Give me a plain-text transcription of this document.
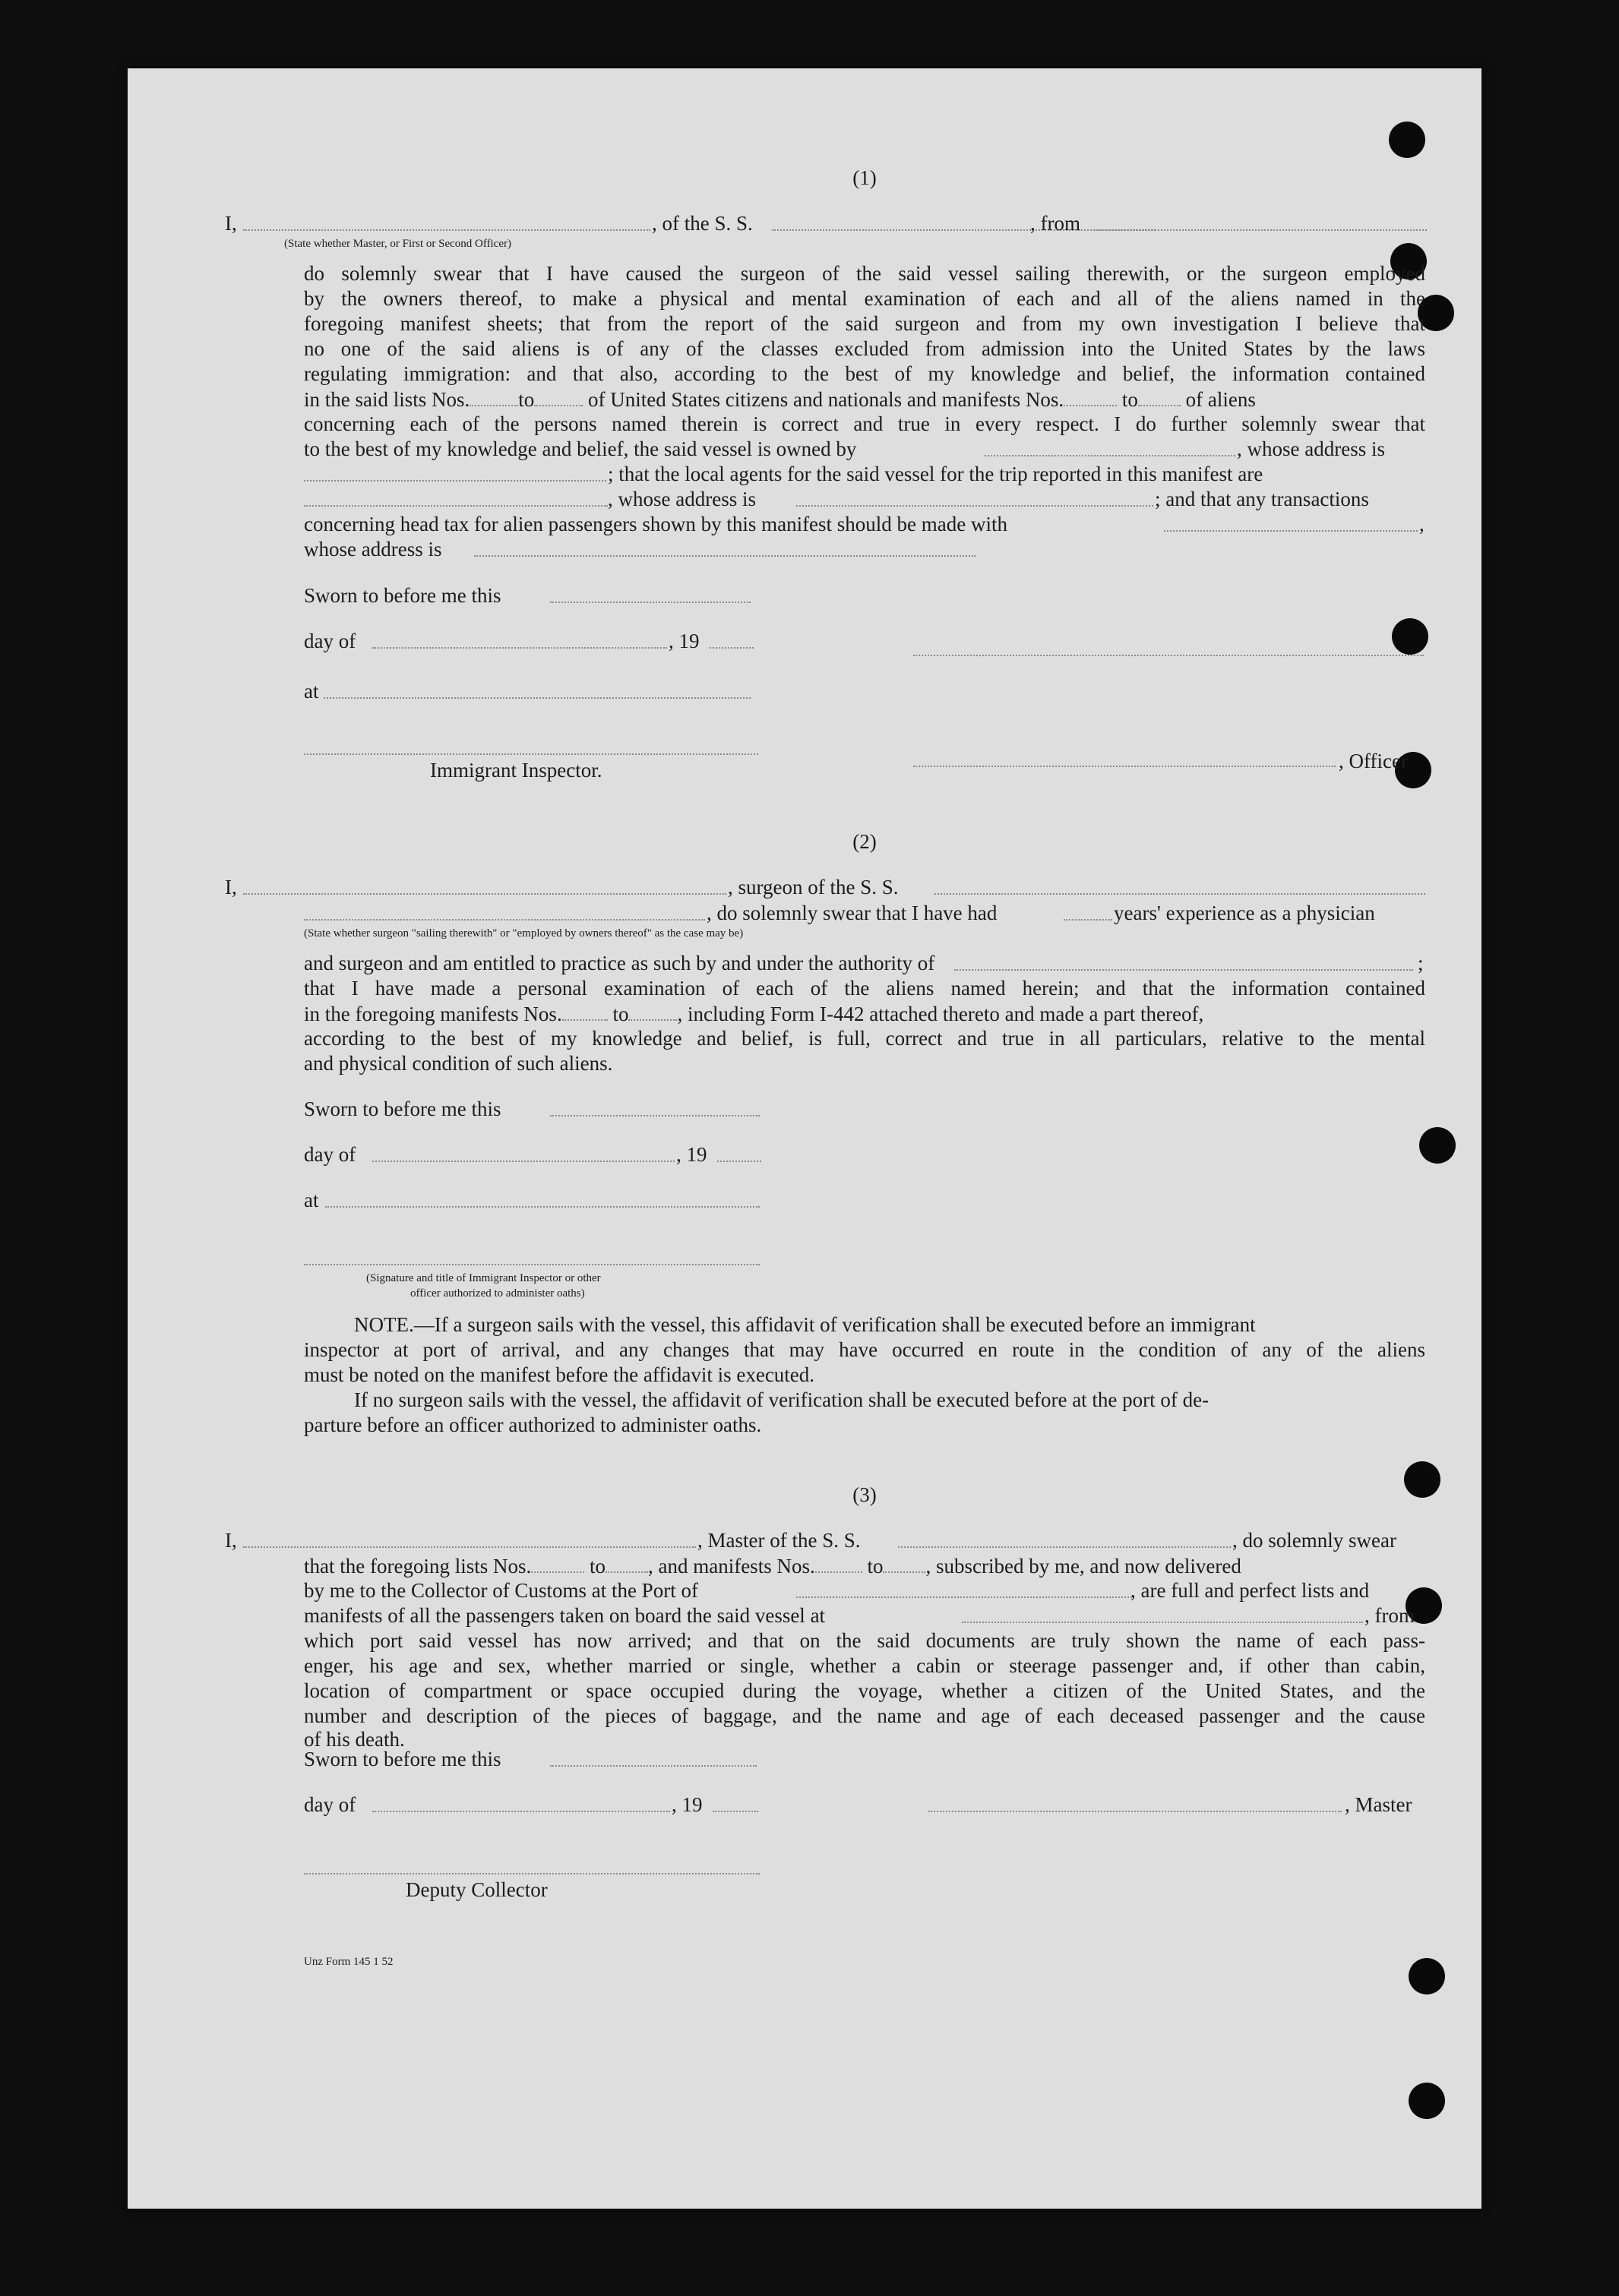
(1)
I,	, of the S. S.	, from
(State whether Master, or First or Second Officer)
do solemnly swear that I have caused the surgeon of the said vessel sailing therewith, or the surgeon employed
by the owners thereof, to make a physical and mental examination of each and all of the aliens named in the
foregoing manifest sheets; that from the report of the said surgeon and from my own investigation I believe that
no one of the said aliens is of any of the classes excluded from admission into the United States by the laws
regulating immigration: and that also, according to the best of my knowledge and belief, the information contained
in the said lists Nos. to	of United States citizens and nationals and manifests Nos.	to of aliens
concerning each of the persons named therein is correct and true in every respect. I do further solemnly swear that
to the best of my knowledge and belief, the said vessel is owned by	, whose address is
; that the local agents for the said vessel for the trip reported in this manifest are
, whose address is	; and that any transactions
concerning head tax for alien passengers shown by this manifest should be made with	,
whose address is
Sworn to before me this
day of	, 19
at
Immigrant Inspector.	, Officer
(2)
I,	, surgeon of the S. S.
, do solemnly swear that I have had	years' experience as a physician
(State whether surgeon "sailing therewith" or "employed by owners thereof" as the case may be)
and surgeon and am entitled to practice as such by and under the authority of	;
that I have made a personal examination of each of the aliens named herein; and that the information contained
in the foregoing manifests Nos. to , including Form I-442 attached thereto and made a part thereof,
according to the best of my knowledge and belief, is full, correct and true in all particulars, relative to the mental
and physical condition of such aliens.
Sworn to before me this
day of	, 19
at
(Signature and title of Immigrant Inspector or other
officer authorized to administer oaths)
NOTE.—If a surgeon sails with the vessel, this affidavit of verification shall be executed before an immigrant
inspector at port of arrival, and any changes that may have occurred en route in the condition of any of the aliens
must be noted on the manifest before the affidavit is executed.
If no surgeon sails with the vessel, the affidavit of verification shall be executed before at the port of de-
parture before an officer authorized to administer oaths.
(3)
I,	, Master of the S. S.	, do solemnly swear
that the foregoing lists Nos.	to , and manifests Nos.	to , subscribed by me, and now delivered
by me to the Collector of Customs at the Port of	, are full and perfect lists and
manifests of all the passengers taken on board the said vessel at	, from
which port said vessel has now arrived; and that on the said documents are truly shown the name of each pass-
enger, his age and sex, whether married or single, whether a cabin or steerage passenger and, if other than cabin,
location of compartment or space occupied during the voyage, whether a citizen of the United States, and the
number and description of the pieces of baggage, and the name and age of each deceased passenger and the cause
of his death.
Sworn to before me this
day of	, 19	, Master
Deputy Collector
Unz Form 145 1 52
